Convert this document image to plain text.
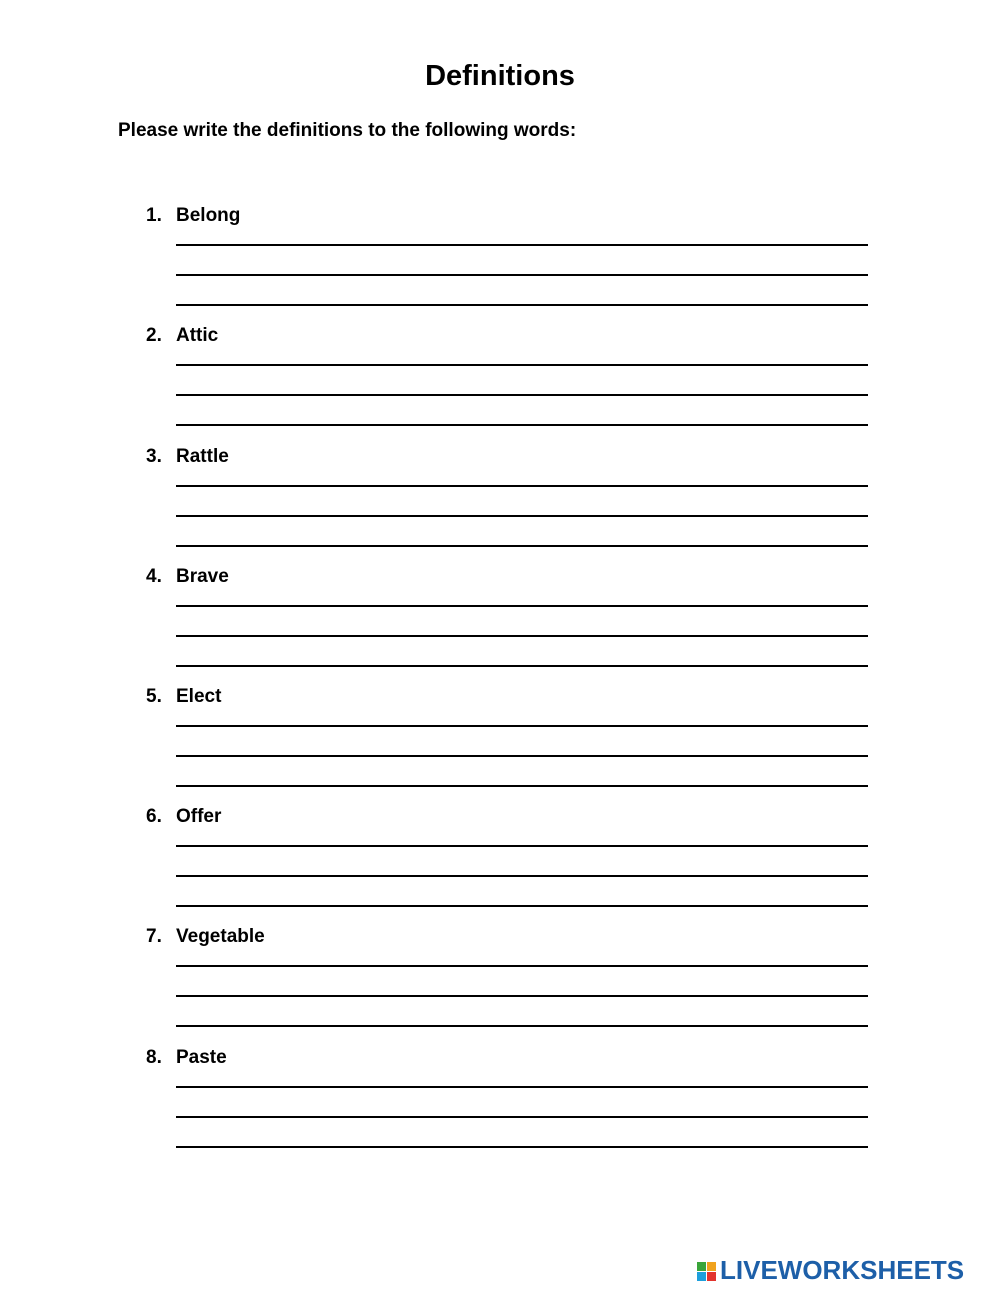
Definitions

Please write the definitions to the following words:

1. Belong
2. Attic
3. Rattle
4. Brave
5. Elect
6. Offer
7. Vegetable
8. Paste
LIVEWORKSHEETS
